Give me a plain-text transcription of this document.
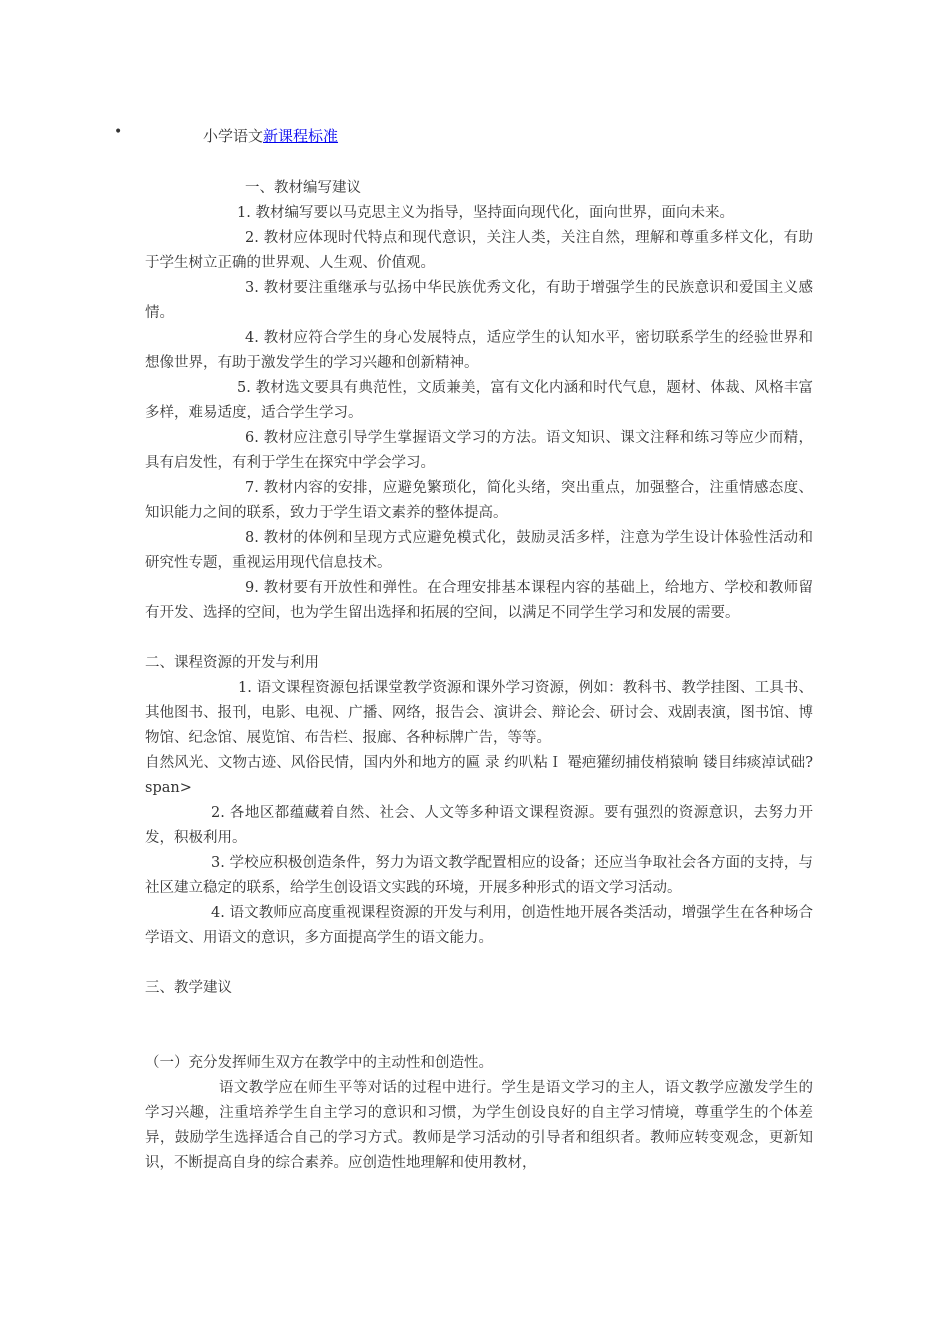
•	小学语文新课程标准

一、教材编写建议

1. 教材编写要以马克思主义为指导，坚持面向现代化，面向世界，面向未来。

2. 教材应体现时代特点和现代意识，关注人类，关注自然，理解和尊重多样文化，有助于学生树立正确的世界观、人生观、价值观。

3. 教材要注重继承与弘扬中华民族优秀文化，有助于增强学生的民族意识和爱国主义感情。

4. 教材应符合学生的身心发展特点，适应学生的认知水平，密切联系学生的经验世界和想像世界，有助于激发学生的学习兴趣和创新精神。

5. 教材选文要具有典范性，文质兼美，富有文化内涵和时代气息，题材、体裁、风格丰富多样，难易适度，适合学生学习。

6. 教材应注意引导学生掌握语文学习的方法。语文知识、课文注释和练习等应少而精，具有启发性，有利于学生在探究中学会学习。

7. 教材内容的安排，应避免繁琐化，简化头绪，突出重点，加强整合，注重情感态度、知识能力之间的联系，致力于学生语文素养的整体提高。

8. 教材的体例和呈现方式应避免模式化，鼓励灵活多样，注意为学生设计体验性活动和研究性专题，重视运用现代信息技术。

9. 教材要有开放性和弹性。在合理安排基本课程内容的基础上，给地方、学校和教师留有开发、选择的空间，也为学生留出选择和拓展的空间，以满足不同学生学习和发展的需要。

二、课程资源的开发与利用

1. 语文课程资源包括课堂教学资源和课外学习资源，例如：教科书、教学挂图、工具书、其他图书、报刊，电影、电视、广播、网络，报告会、演讲会、辩论会、研讨会、戏剧表演，图书馆、博物馆、纪念馆、展览馆、布告栏、报廊、各种标牌广告，等等。

自然风光、文物古迹、风俗民情，国内外和地方的匾 录 约叭粘Ｉ 罨疤獾纫捕伎梢猿晌 镂目纬痰淖试础?span>

2. 各地区都蕴藏着自然、社会、人文等多种语文课程资源。要有强烈的资源意识，去努力开发，积极利用。

3. 学校应积极创造条件，努力为语文教学配置相应的设备；还应当争取社会各方面的支持，与社区建立稳定的联系，给学生创设语文实践的环境，开展多种形式的语文学习活动。

4. 语文教师应高度重视课程资源的开发与利用，创造性地开展各类活动，增强学生在各种场合学语文、用语文的意识，多方面提高学生的语文能力。

三、教学建议

（一）充分发挥师生双方在教学中的主动性和创造性。

语文教学应在师生平等对话的过程中进行。学生是语文学习的主人，语文教学应激发学生的学习兴趣，注重培养学生自主学习的意识和习惯，为学生创设良好的自主学习情境，尊重学生的个体差异，鼓励学生选择适合自己的学习方式。教师是学习活动的引导者和组织者。教师应转变观念，更新知识，不断提高自身的综合素养。应创造性地理解和使用教材，
